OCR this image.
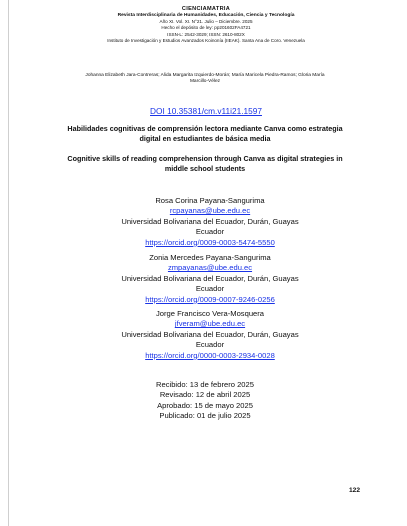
CIENCIAMATRIA
Revista Interdisciplinaria de Humanidades, Educación, Ciencia y Tecnología
Año XI. Vol. XI. N°21. Julio – Diciembre. 2025
Hecho el depósito de ley: pp201602FA4721
ISSN-L: 2542-3029; ISSN: 2610-802X
Instituto de Investigación y Estudios Avanzados Koinonía (IIEAK). Santa Ana de Coro. Venezuela
Johanna Elizabeth Jara-Contreras; Alida Margarita Izquierdo-Morán; María Maricela Piedra-Ramos; Gloria María
Marcillo-Vélez
DOI 10.35381/cm.v11i21.1597
Habilidades cognitivas de comprensión lectora mediante Canva como estrategia
digital en estudiantes de básica media
Cognitive skills of reading comprehension through Canva as digital strategies in
middle school students
Rosa Corina Payana-Sangurima
rcpayanas@ube.edu.ec
Universidad Bolivariana del Ecuador, Durán, Guayas
Ecuador
https://orcid.org/0009-0003-5474-5550
Zonia Mercedes Payana-Sangurima
zmpayanas@ube.edu.ec
Universidad Bolivariana del Ecuador, Durán, Guayas
Ecuador
https://orcid.org/0009-0007-9246-0256
Jorge Francisco Vera-Mosquera
jfveram@ube.edu.ec
Universidad Bolivariana del Ecuador, Durán, Guayas
Ecuador
https://orcid.org/0000-0003-2934-0028
Recibido: 13 de febrero 2025
Revisado: 12 de abril 2025
Aprobado: 15 de mayo 2025
Publicado: 01 de julio 2025
122
